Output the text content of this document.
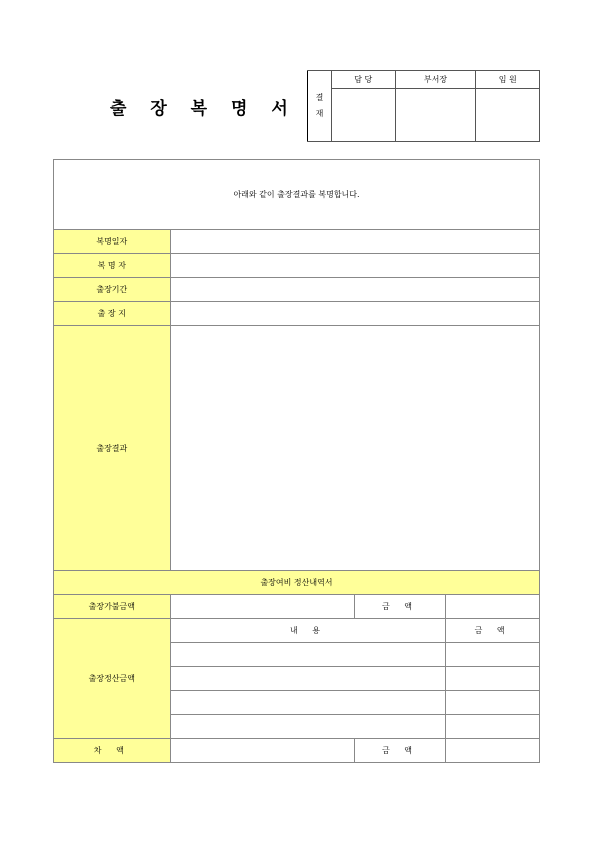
출 장 복 명 서
결
재	담 당	부서장	임 원

아래와 같이 출장결과를 복명합니다.			
복명일자			
복 명 자			
출장기간			
출 장 지			
출장결과			
출장여비 정산내역서			
출장가불금액		금 액	
출장정산금액	내 용		금 액

차 액		금 액	
